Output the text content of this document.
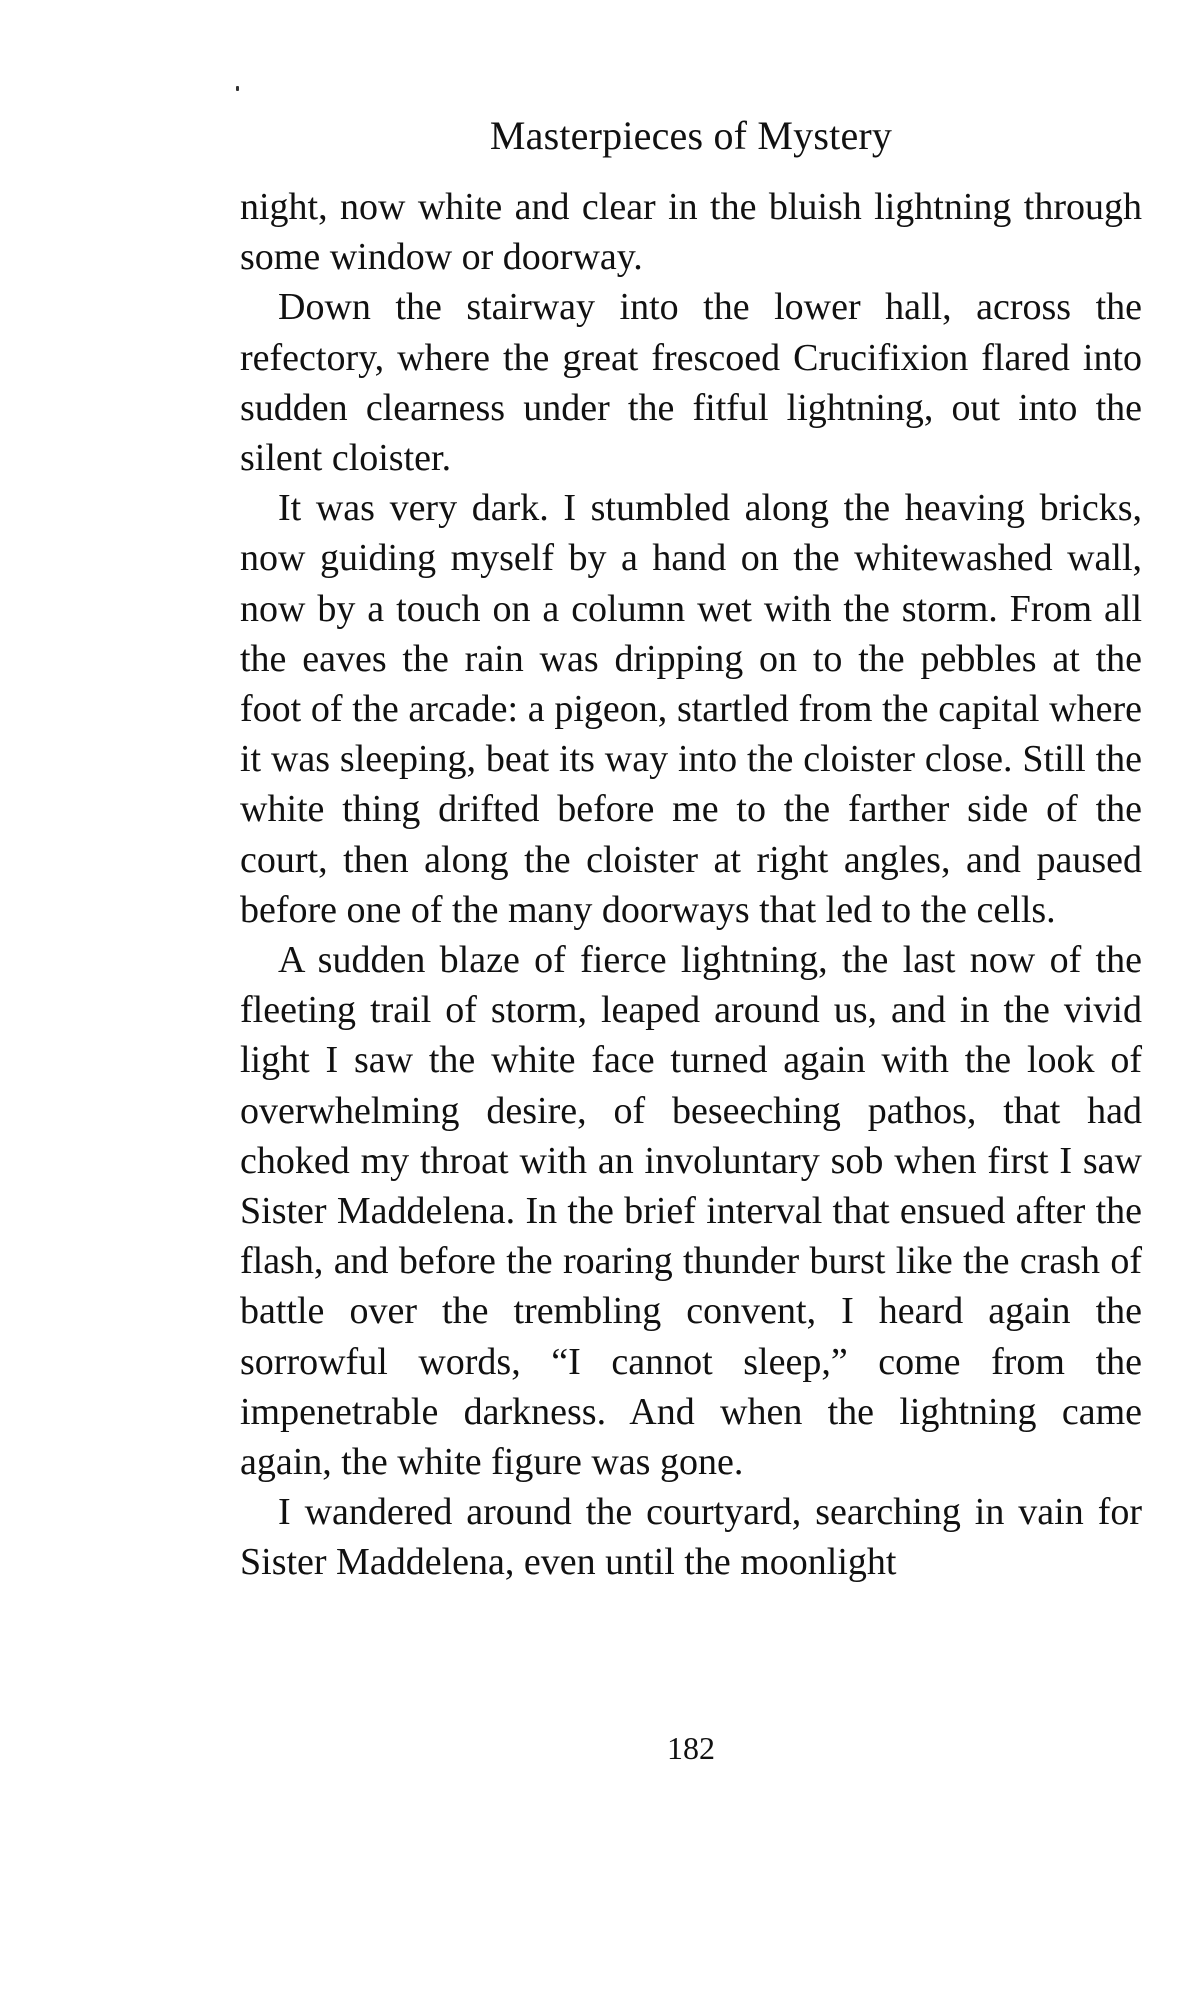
Masterpieces of Mystery

night, now white and clear in the bluish lightning through some window or doorway.

Down the stairway into the lower hall, across the refectory, where the great frescoed Crucifixion flared into sudden clearness under the fitful lightning, out into the silent cloister.

It was very dark. I stumbled along the heaving bricks, now guiding myself by a hand on the whitewashed wall, now by a touch on a column wet with the storm. From all the eaves the rain was dripping on to the pebbles at the foot of the arcade: a pigeon, startled from the capital where it was sleeping, beat its way into the cloister close. Still the white thing drifted before me to the farther side of the court, then along the cloister at right angles, and paused before one of the many doorways that led to the cells.

A sudden blaze of fierce lightning, the last now of the fleeting trail of storm, leaped around us, and in the vivid light I saw the white face turned again with the look of overwhelming desire, of beseeching pathos, that had choked my throat with an involuntary sob when first I saw Sister Maddelena. In the brief interval that ensued after the flash, and before the roaring thunder burst like the crash of battle over the trembling convent, I heard again the sorrowful words, “I cannot sleep,” come from the impenetrable darkness. And when the lightning came again, the white figure was gone.

I wandered around the courtyard, searching in vain for Sister Maddelena, even until the moonlight

182
